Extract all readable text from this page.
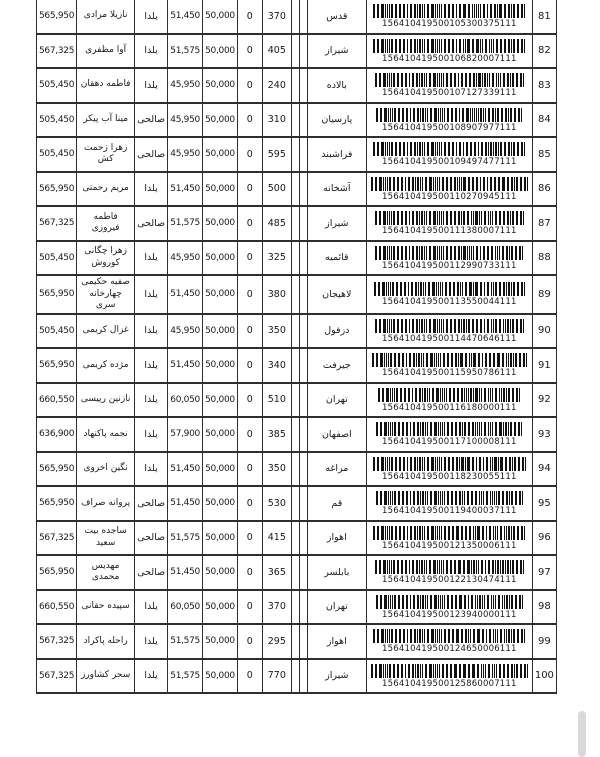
565,950	نازیلا مرادی	یلدا	51,450	50,000	0	370			قدس	156410419500105300375111	81
567,325	آوا مظفری	یلدا	51,575	50,000	0	405			شیراز	156410419500106820007111	82
505,450	فاطمه دهقان	یلدا	45,950	50,000	0	240			بالاده	156410419500107127339111	83
505,450	مینا آب پیکر	صالحی	45,950	50,000	0	310			پارسیان	156410419500108907977111	84
505,450	زهرا زحمت کش	صالحی	45,950	50,000	0	595			فراشبند	156410419500109497477111	85
565,950	مریم رحمتی	یلدا	51,450	50,000	0	500			آشخانه	156410419500110270945111	86
567,325	فاطمه فیروزی	صالحی	51,575	50,000	0	485			شیراز	156410419500111380007111	87
505,450	زهرا چگانی کوروش	یلدا	45,950	50,000	0	325			قائمیه	156410419500112990733111	88
565,950	صفیه حکیمی چهارخانه سری	یلدا	51,450	50,000	0	380			لاهیجان	156410419500113550044111	89
505,450	غزال کریمی	یلدا	45,950	50,000	0	350			دزفول	156410419500114470646111	90
565,950	مژده کریمی	یلدا	51,450	50,000	0	340			جیرفت	156410419500115950786111	91
660,550	نازنین رییسی	یلدا	60,050	50,000	0	510			تهران	156410419500116180000111	92
636,900	نجمه پاکنهاد	یلدا	57,900	50,000	0	385			اصفهان	156410419500117100008111	93
565,950	نگین اخروی	یلدا	51,450	50,000	0	350			مراغه	156410419500118230055111	94
565,950	پروانه صراف	صالحی	51,450	50,000	0	530			قم	156410419500119400037111	95
567,325	ساجده بیت سعید	صالحی	51,575	50,000	0	415			اهواز	156410419500121350006111	96
565,950	مهدیس محمدی	صالحی	51,450	50,000	0	365			بابلسر	156410419500122130474111	97
660,550	سپیده حقانی	یلدا	60,050	50,000	0	370			تهران	156410419500123940000111	98
567,325	راحله پاکراد	یلدا	51,575	50,000	0	295			اهواز	156410419500124650006111	99
567,325	سحر کشاورز	یلدا	51,575	50,000	0	770			شیراز	156410419500125860007111	100
